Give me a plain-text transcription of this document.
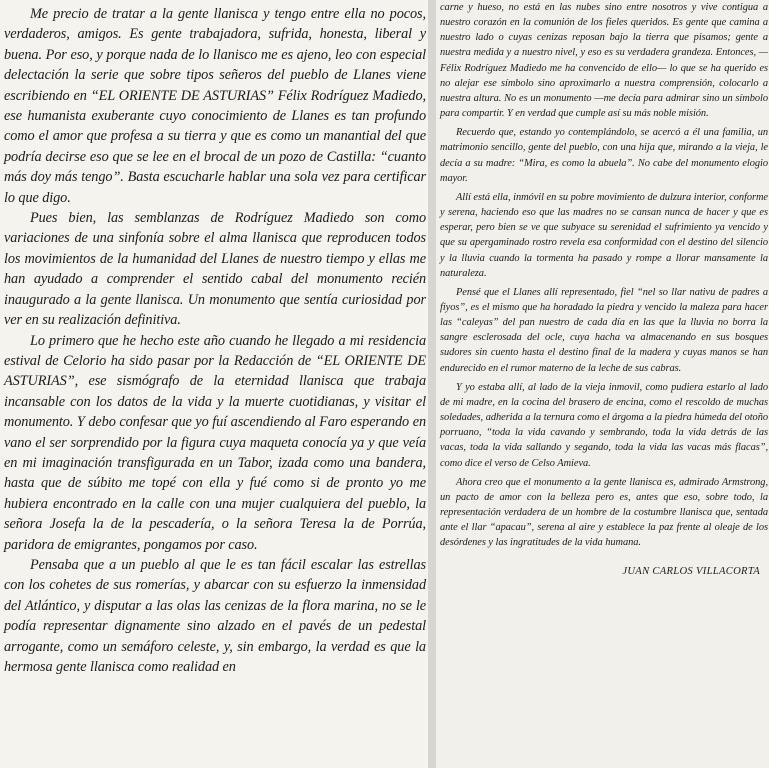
Me precio de tratar a la gente llanisca y tengo entre ella no pocos, verdaderos, amigos. Es gente trabajadora, sufrida, honesta, liberal y buena. Por eso, y porque nada de lo llanisco me es ajeno, leo con especial delectación la serie que sobre tipos señeros del pueblo de Llanes viene escribiendo en “EL ORIENTE DE ASTURIAS” Félix Rodríguez Madiedo, ese humanista exuberante cuyo conocimiento de Llanes es tan profundo como el amor que profesa a su tierra y que es como un manantial del que podría decirse eso que se lee en el brocal de un pozo de Castilla: “cuanto más doy más tengo”. Basta escucharle hablar una sola vez para certificar lo que digo.

Pues bien, las semblanzas de Rodríguez Madiedo son como variaciones de una sinfonía sobre el alma llanisca que reproducen todos los movimientos de la humanidad del Llanes de nuestro tiempo y ellas me han ayudado a comprender el sentido cabal del monumento recién inaugurado a la gente llanisca. Un monumento que sentía curiosidad por ver en su realización definitiva.

Lo primero que he hecho este año cuando he llegado a mi residencia estival de Celorio ha sido pasar por la Redacción de “EL ORIENTE DE ASTURIAS”, ese sismógrafo de la eternidad llanisca que trabaja incansable con los datos de la vida y la muerte cuotidianas, y visitar el monumento. Y debo confesar que yo fuí ascendiendo al Faro esperando en vano el ser sorprendido por la figura cuya maqueta conocía ya y que veía en mi imaginación transfigurada en un Tabor, izada como una bandera, hasta que de súbito me topé con ella y fué como si de pronto yo me hubiera encontrado en la calle con una mujer cualquiera del pueblo, la señora Josefa la de la pescadería, o la señora Teresa la de Porrúa, paridora de emigrantes, pongamos por caso.

Pensaba que a un pueblo al que le es tan fácil escalar las estrellas con los cohetes de sus romerías, y abarcar con su esfuerzo la inmensidad del Atlántico, y disputar a las olas las cenizas de la flora marina, no se le podía representar dignamente sino alzado en el pavés de un pedestal arrogante, como un semáforo celeste, y, sin embargo, la verdad es que la hermosa gente llanisca como realidad en

carne y hueso, no está en las nubes sino entre nosotros y vive contigua a nuestro corazón en la comunión de los fieles queridos. Es gente que camina a nuestro lado o cuyas cenizas reposan bajo la tierra que pisamos; gente a nuestra medida y a nuestro nivel, y eso es su verdadera grandeza. Entonces, —Félix Rodríguez Madiedo me ha convencido de ello— lo que se ha querido es no alejar ese símbolo sino aproximarlo a nuestra comprensión, colocarlo a nuestra altura. No es un monumento —me decía para admirar sino un símbolo para compartir. Y en verdad que cumple así su más noble misión.

Recuerdo que, estando yo contemplándolo, se acercó a él una familia, un matrimonio sencillo, gente del pueblo, con una hija que, mirando a la vieja, le decía a su madre: “Mira, es como la abuela”. No cabe del monumento elogio mayor.

Allí está ella, inmóvil en su pobre movimiento de dulzura interior, conforme y serena, haciendo eso que las madres no se cansan nunca de hacer y que es esperar, pero bien se ve que subyace su serenidad el sufrimiento ya vencido y que su apergaminado rostro revela esa conformidad con el destino del silencio y la lluvia cuando la tormenta ha pasado y rompe a llorar mansamente la naturaleza.

Pensé que el Llanes allí representado, fiel “nel so llar nativu de padres a fiyos”, es el mismo que ha horadado la piedra y vencido la maleza para hacer las “caleyas” del pan nuestro de cada día en las que la lluvia no borra la sangre esclerosada del ocle, cuya hacha va almacenando en sus bosques sudores sin cuento hasta el destino final de la madera y cuyas manos se han endurecido en el rumor materno de la leche de sus cabras.

Y yo estaba allí, al lado de la vieja inmovil, como pudiera estarlo al lado de mi madre, en la cocina del brasero de encina, como el rescoldo de muchas soledades, adherida a la ternura como el árgoma a la piedra húmeda del otoño porruano, “toda la vida cavando y sembrando, toda la vida detrás de las vacas, toda la vida sallando y segando, toda la vida las vacas más flacas”, como dice el verso de Celso Amieva.

Ahora creo que el monumento a la gente llanisca es, admirado Armstrong, un pacto de amor con la belleza pero es, antes que eso, sobre todo, la representación verdadera de un hombre de la costumbre llanisca que, sentada ante el llar “apacau”, serena al aire y establece la paz frente al oleaje de los desórdenes y las ingratitudes de la vida humana.

JUAN CARLOS VILLACORTA
